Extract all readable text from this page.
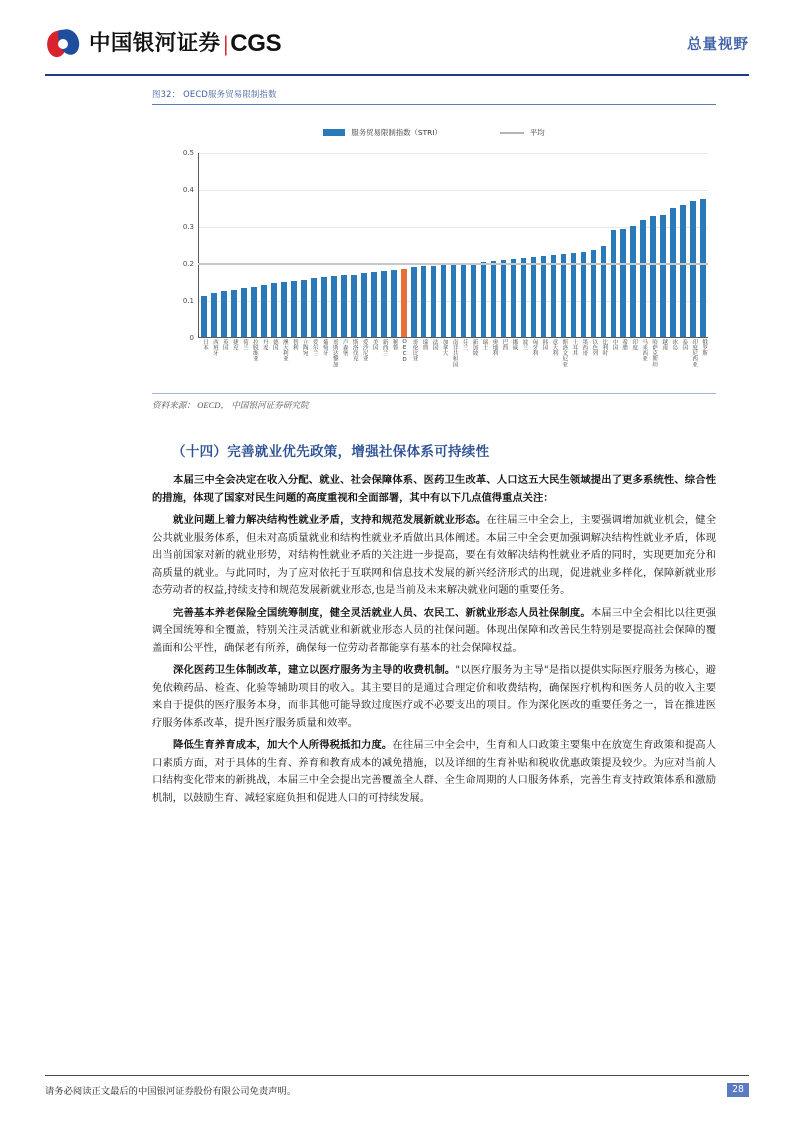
中国银河证券 | CGS	总量视野
图32： OECD服务贸易限制指数
服务贸易限制指数（STRI）	平均
0
0.1
0.2
0.3
0.4
0.5
日本 西班牙 英国 捷克 荷兰 拉脱维亚 丹麦 德国 澳大利亚 智利 立陶宛 爱尔兰 葡萄牙 哥斯达黎加 卢森堡 斯洛伐克 爱沙尼亚 美国 新西兰 秘鲁 OECD 哥伦比亚 瑞典 法国 加拿大 南非共和国 芬兰 新加坡 瑞士 奥地利 巴西 挪威 波兰 匈牙利 韩国 意大利 斯洛文尼亚 土耳其 墨西哥 以色列 比利时 中国 希腊 印度 马来西亚 哈萨克斯坦 越南 冰岛 泰国 印度尼西亚 俄罗斯
资料来源： OECD， 中国银河证券研究院
（十四）完善就业优先政策，增强社保体系可持续性

本届三中全会决定在收入分配、就业、社会保障体系、医药卫生改革、人口这五大民生领域提出了更多系统性、综合性的措施，体现了国家对民生问题的高度重视和全面部署，其中有以下几点值得重点关注：

就业问题上着力解决结构性就业矛盾，支持和规范发展新就业形态。在往届三中全会上，主要强调增加就业机会，健全公共就业服务体系，但未对高质量就业和结构性就业矛盾做出具体阐述。本届三中全会更加强调解决结构性就业矛盾，体现出当前国家对新的就业形势，对结构性就业矛盾的关注进一步提高，要在有效解决结构性就业矛盾的同时，实现更加充分和高质量的就业。与此同时，为了应对依托于互联网和信息技术发展的新兴经济形式的出现，促进就业多样化，保障新就业形态劳动者的权益,持续支持和规范发展新就业形态,也是当前及未来解决就业问题的重要任务。

完善基本养老保险全国统筹制度，健全灵活就业人员、农民工、新就业形态人员社保制度。本届三中全会相比以往更强调全国统筹和全覆盖，特别关注灵活就业和新就业形态人员的社保问题。体现出保障和改善民生特别是要提高社会保障的覆盖面和公平性，确保老有所养，确保每一位劳动者都能享有基本的社会保障权益。

深化医药卫生体制改革，建立以医疗服务为主导的收费机制。"以医疗服务为主导"是指以提供实际医疗服务为核心，避免依赖药品、检查、化验等辅助项目的收入。其主要目的是通过合理定价和收费结构，确保医疗机构和医务人员的收入主要来自于提供的医疗服务本身，而非其他可能导致过度医疗或不必要支出的项目。作为深化医改的重要任务之一，旨在推进医疗服务体系改革，提升医疗服务质量和效率。

降低生育养育成本，加大个人所得税抵扣力度。在往届三中全会中，生育和人口政策主要集中在放宽生育政策和提高人口素质方面，对于具体的生育、养育和教育成本的减免措施，以及详细的生育补贴和税收优惠政策提及较少。为应对当前人口结构变化带来的新挑战，本届三中全会提出完善覆盖全人群、全生命周期的人口服务体系，完善生育支持政策体系和激励机制，以鼓励生育、减轻家庭负担和促进人口的可持续发展。

请务必阅读正文最后的中国银河证券股份有限公司免责声明。	28
